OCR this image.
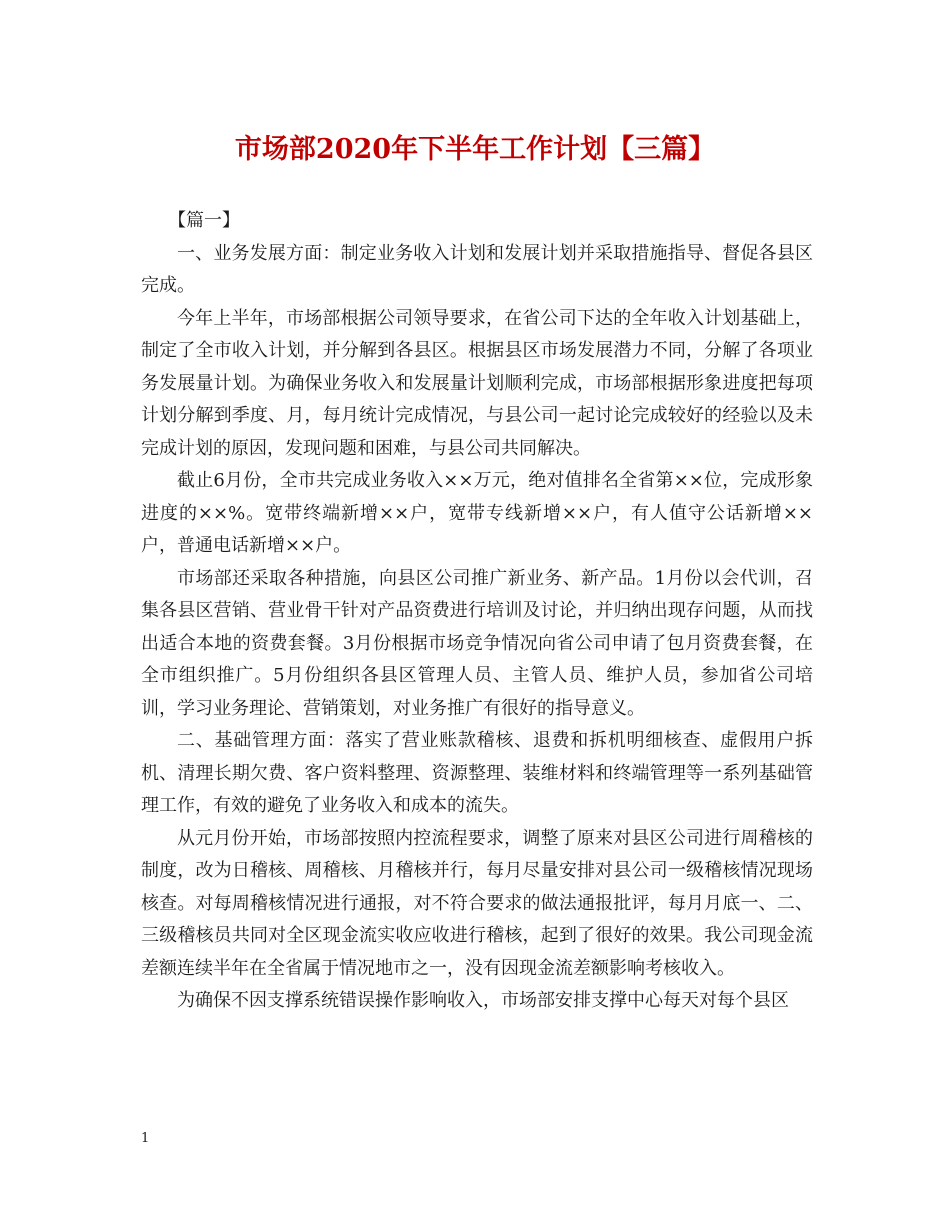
市场部2020年下半年工作计划【三篇】

【篇一】

一、业务发展方面：制定业务收入计划和发展计划并采取措施指导、督促各县区完成。

今年上半年，市场部根据公司领导要求，在省公司下达的全年收入计划基础上，制定了全市收入计划，并分解到各县区。根据县区市场发展潜力不同，分解了各项业务发展量计划。为确保业务收入和发展量计划顺利完成，市场部根据形象进度把每项计划分解到季度、月，每月统计完成情况，与县公司一起讨论完成较好的经验以及未完成计划的原因，发现问题和困难，与县公司共同解决。

截止6月份，全市共完成业务收入××万元，绝对值排名全省第××位，完成形象进度的××%。宽带终端新增××户，宽带专线新增××户，有人值守公话新增××户，普通电话新增××户。

市场部还采取各种措施，向县区公司推广新业务、新产品。1月份以会代训，召集各县区营销、营业骨干针对产品资费进行培训及讨论，并归纳出现存问题，从而找出适合本地的资费套餐。3月份根据市场竞争情况向省公司申请了包月资费套餐，在全市组织推广。5月份组织各县区管理人员、主管人员、维护人员，参加省公司培训，学习业务理论、营销策划，对业务推广有很好的指导意义。

二、基础管理方面：落实了营业账款稽核、退费和拆机明细核查、虚假用户拆机、清理长期欠费、客户资料整理、资源整理、装维材料和终端管理等一系列基础管理工作，有效的避免了业务收入和成本的流失。

从元月份开始，市场部按照内控流程要求，调整了原来对县区公司进行周稽核的制度，改为日稽核、周稽核、月稽核并行，每月尽量安排对县公司一级稽核情况现场核查。对每周稽核情况进行通报，对不符合要求的做法通报批评，每月月底一、二、三级稽核员共同对全区现金流实收应收进行稽核，起到了很好的效果。我公司现金流差额连续半年在全省属于情况地市之一，没有因现金流差额影响考核收入。

为确保不因支撑系统错误操作影响收入，市场部安排支撑中心每天对每个县区

1
